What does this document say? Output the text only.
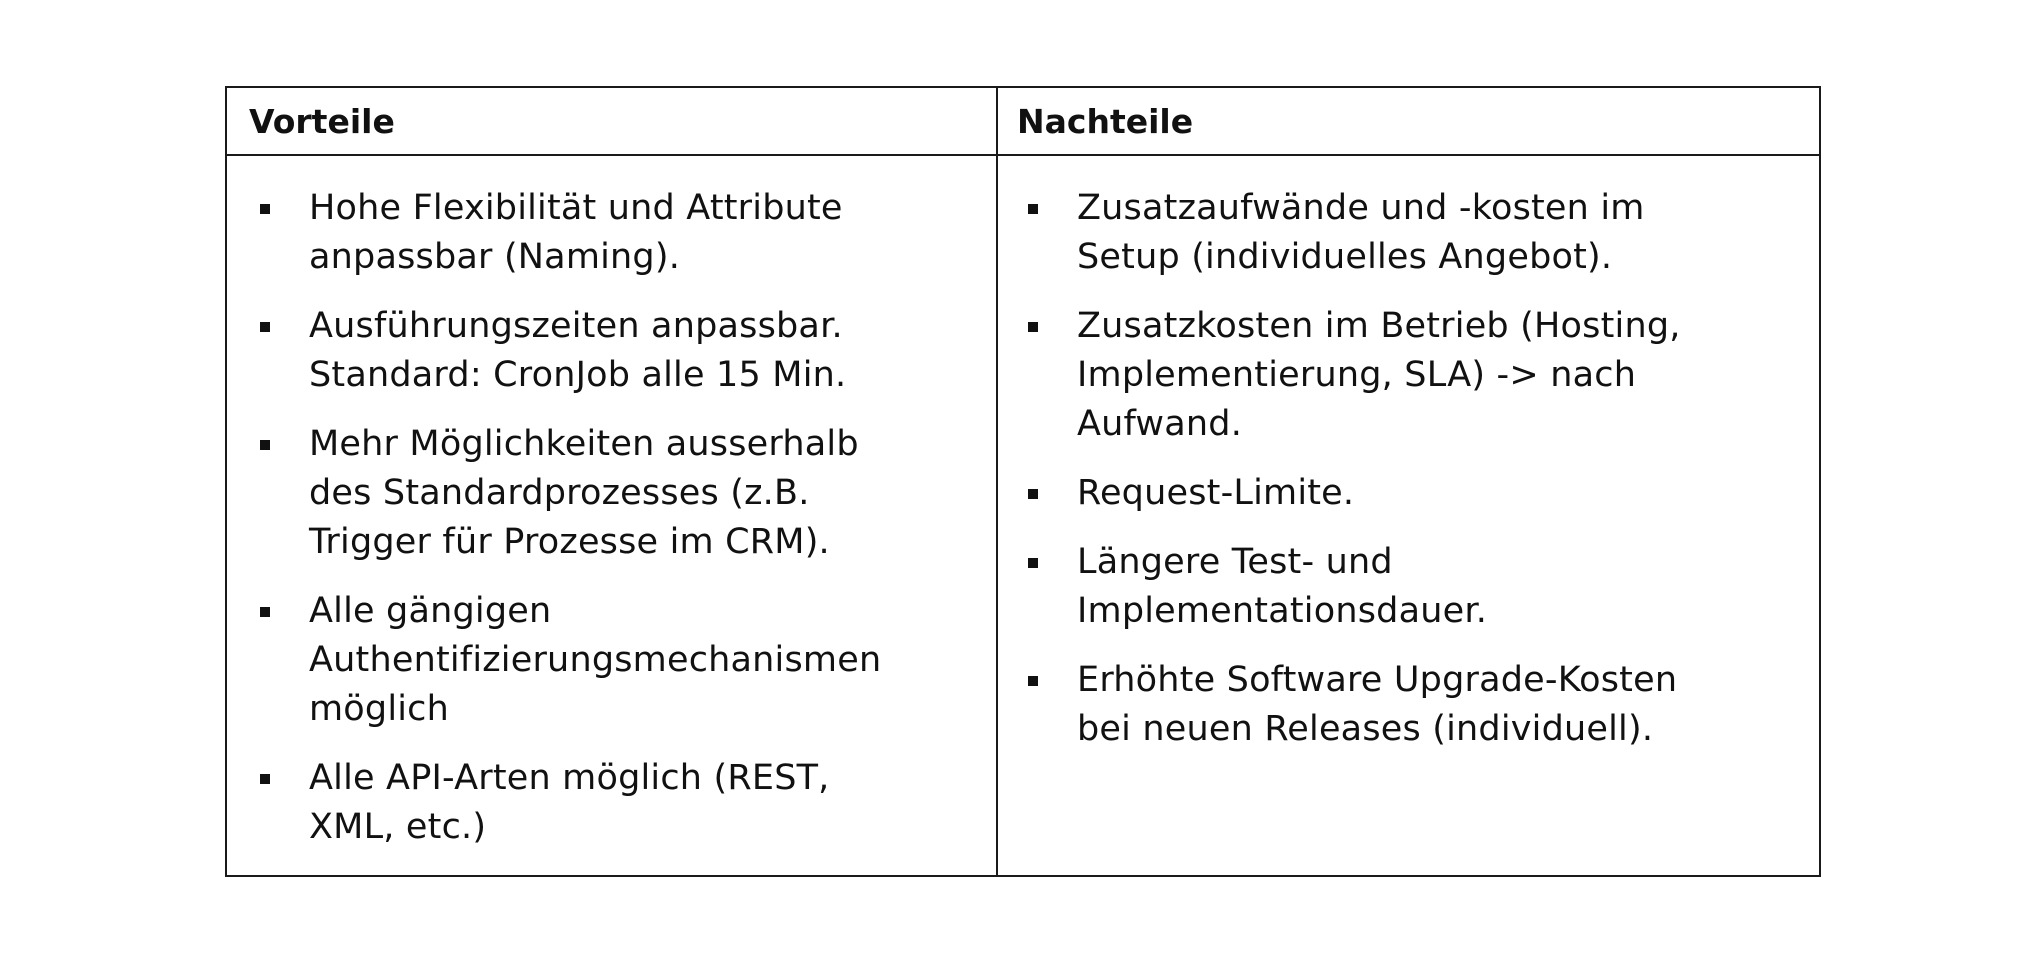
Vorteile	Nachteile
Hohe Flexibilität und Attribute
anpassbar (Naming).
Ausführungszeiten anpassbar.
Standard: CronJob alle 15 Min.
Mehr Möglichkeiten ausserhalb
des Standardprozesses (z.B.
Trigger für Prozesse im CRM).
Alle gängigen
Authentifizierungsmechanismen
möglich
Alle API-Arten möglich (REST,
XML, etc.)
Zusatzaufwände und -kosten im
Setup (individuelles Angebot).
Zusatzkosten im Betrieb (Hosting,
Implementierung, SLA) -> nach
Aufwand.
Request-Limite.
Längere Test- und
Implementationsdauer.
Erhöhte Software Upgrade-Kosten
bei neuen Releases (individuell).
